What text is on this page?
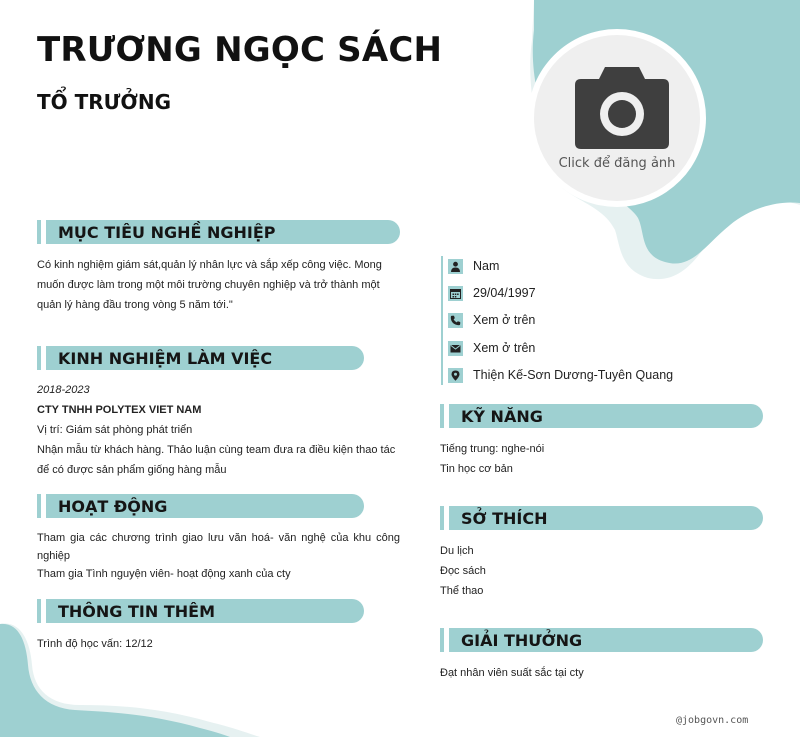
TRƯƠNG NGỌC SÁCH
TỔ TRƯỞNG
Click để đăng ảnh
MỤC TIÊU NGHỀ NGHIỆP
Có kinh nghiệm giám sát,quản lý nhân lực và sắp xếp công việc. Mong
muốn được làm trong một môi trường chuyên nghiệp và trở thành một
quản lý hàng đầu trong vòng 5 năm tới."
KINH NGHIỆM LÀM VIỆC
2018-2023
CTY TNHH POLYTEX VIET NAM
Vị trí: Giám sát phòng phát triển
Nhận mẫu từ khách hàng. Thảo luận cùng team đưa ra điều kiện thao tác
để có được sản phẩm giống hàng mẫu
HOẠT ĐỘNG
Tham gia các chương trình giao lưu văn hoá- văn nghệ của khu công nghiệp
Tham gia Tình nguyện viên- hoạt động xanh của cty
THÔNG TIN THÊM
Trình độ học vấn: 12/12
Nam
29/04/1997
Xem ở trên
Xem ở trên
Thiện Kế-Sơn Dương-Tuyên Quang
KỸ NĂNG
Tiếng trung: nghe-nói
Tin học cơ bản
SỞ THÍCH
Du lịch
Đọc sách
Thể thao
GIẢI THƯỞNG
Đạt nhân viên suất sắc tại cty
@jobgovn.com
